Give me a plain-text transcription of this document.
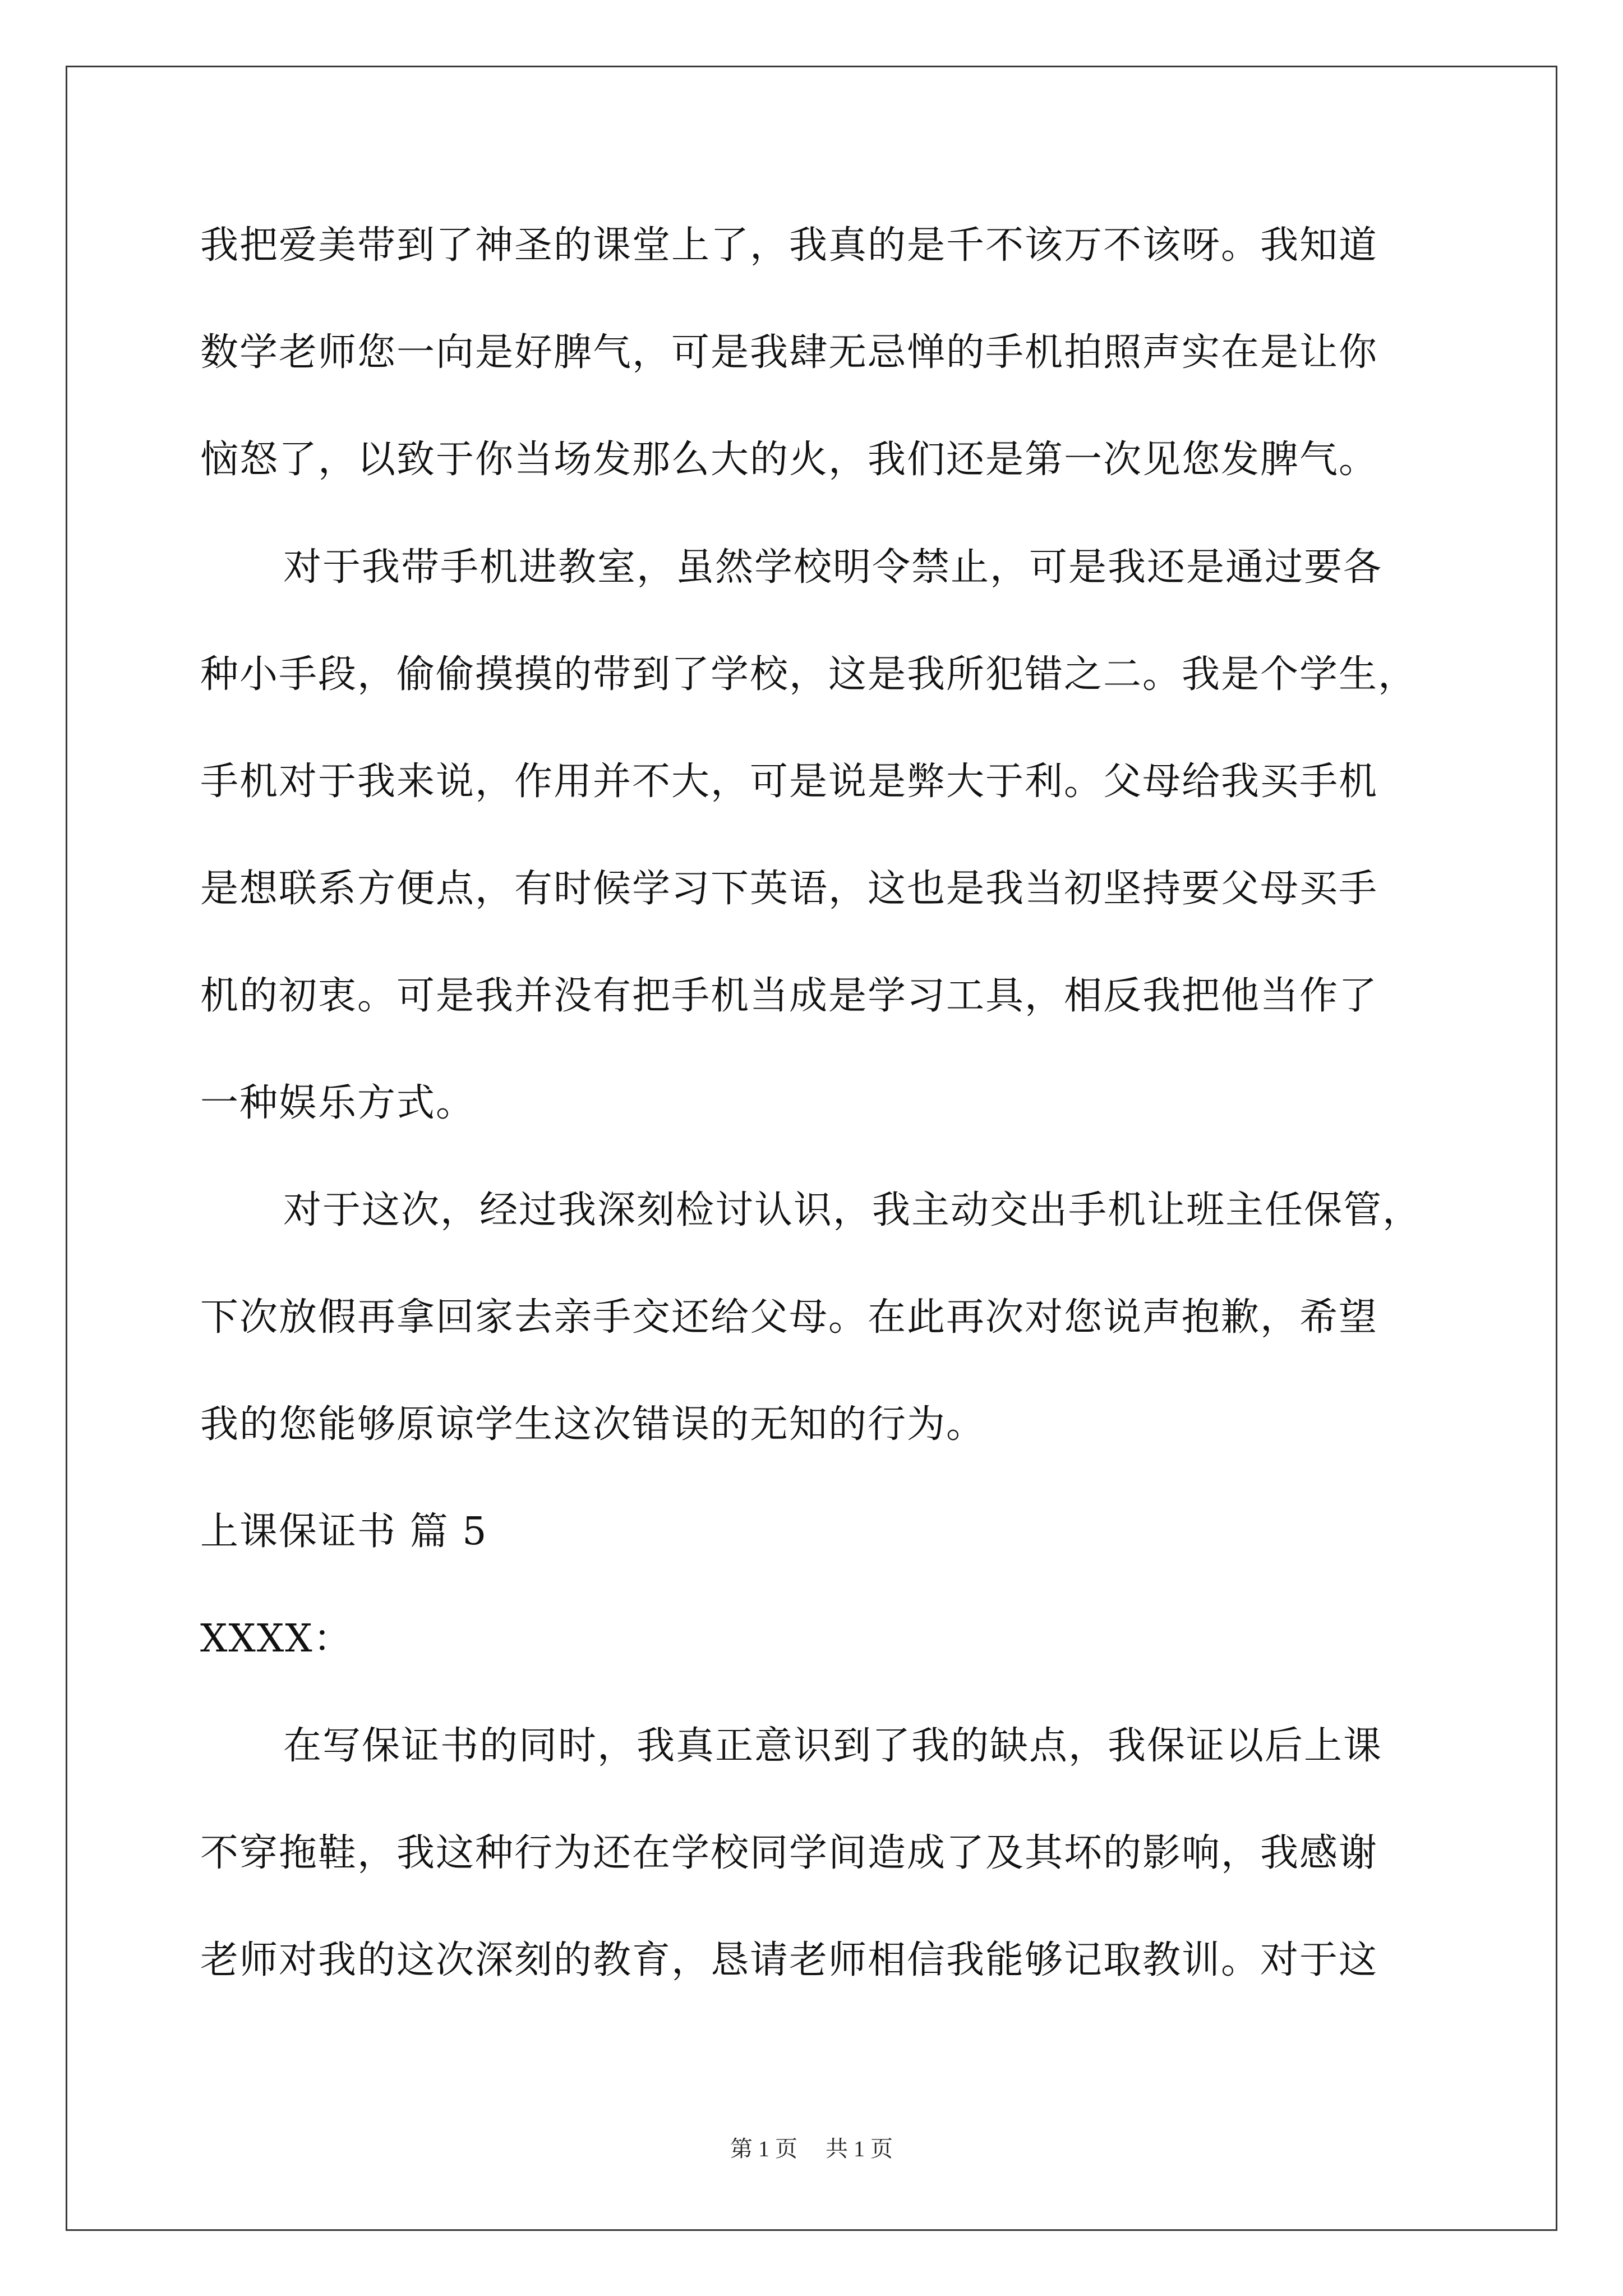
我把爱美带到了神圣的课堂上了，我真的是千不该万不该呀。我知道
数学老师您一向是好脾气，可是我肆无忌惮的手机拍照声实在是让你
恼怒了，以致于你当场发那么大的火，我们还是第一次见您发脾气。
对于我带手机进教室，虽然学校明令禁止，可是我还是通过要各
种小手段，偷偷摸摸的带到了学校，这是我所犯错之二。我是个学生，
手机对于我来说，作用并不大，可是说是弊大于利。父母给我买手机
是想联系方便点，有时候学习下英语，这也是我当初坚持要父母买手
机的初衷。可是我并没有把手机当成是学习工具，相反我把他当作了
一种娱乐方式。
对于这次，经过我深刻检讨认识，我主动交出手机让班主任保管，
下次放假再拿回家去亲手交还给父母。在此再次对您说声抱歉，希望
我的您能够原谅学生这次错误的无知的行为。
上课保证书 篇 5
XXXX：
在写保证书的同时，我真正意识到了我的缺点，我保证以后上课
不穿拖鞋，我这种行为还在学校同学间造成了及其坏的影响，我感谢
老师对我的这次深刻的教育，恳请老师相信我能够记取教训。对于这
第 1 页 共 1 页
